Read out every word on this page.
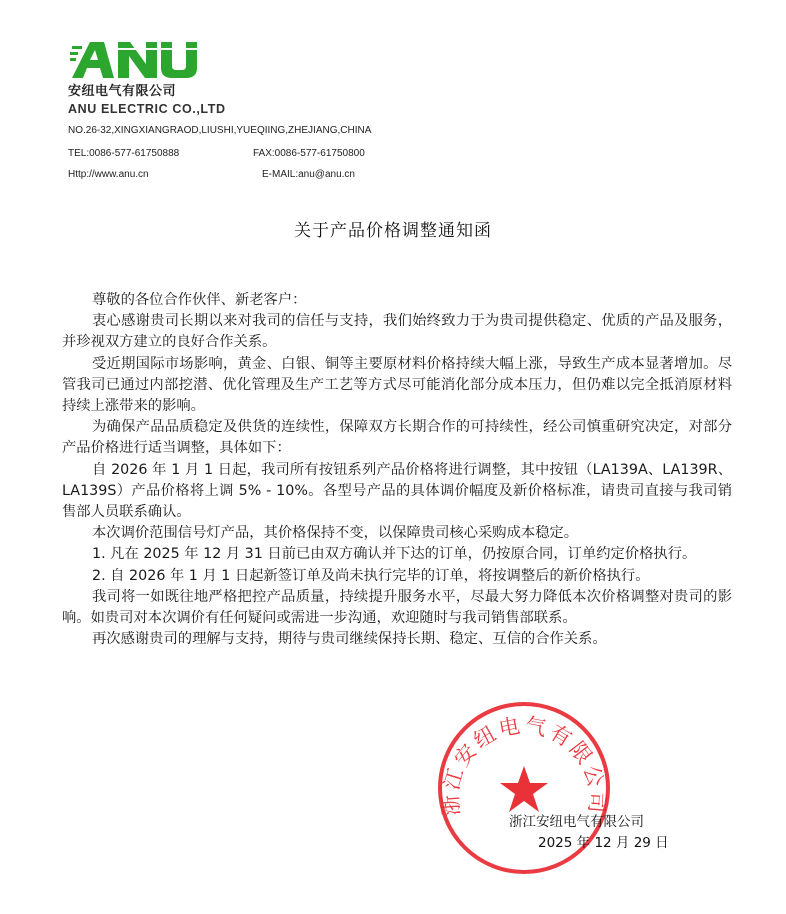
安纽电气有限公司
ANU ELECTRIC CO.,LTD
NO.26-32,XINGXIANGRAOD,LIUSHI,YUEQIING,ZHEJIANG,CHINA
TEL:0086-577-61750888	FAX:0086-577-61750800
Http://www.anu.cn	E-MAIL:anu@anu.cn
关于产品价格调整通知函

尊敬的各位合作伙伴、新老客户：

衷心感谢贵司长期以来对我司的信任与支持，我们始终致力于为贵司提供稳定、优质的产品及服务，并珍视双方建立的良好合作关系。

受近期国际市场影响，黄金、白银、铜等主要原材料价格持续大幅上涨，导致生产成本显著增加。尽管我司已通过内部挖潜、优化管理及生产工艺等方式尽可能消化部分成本压力，但仍难以完全抵消原材料持续上涨带来的影响。

为确保产品品质稳定及供货的连续性，保障双方长期合作的可持续性，经公司慎重研究决定，对部分产品价格进行适当调整，具体如下：

自 2026 年 1 月 1 日起，我司所有按钮系列产品价格将进行调整，其中按钮（LA139A、LA139R、LA139S）产品价格将上调 5% - 10%。各型号产品的具体调价幅度及新价格标准，请贵司直接与我司销售部人员联系确认。

本次调价范围信号灯产品，其价格保持不变，以保障贵司核心采购成本稳定。

1. 凡在 2025 年 12 月 31 日前已由双方确认并下达的订单，仍按原合同，订单约定价格执行。

2. 自 2026 年 1 月 1 日起新签订单及尚未执行完毕的订单，将按调整后的新价格执行。

我司将一如既往地严格把控产品质量，持续提升服务水平，尽最大努力降低本次价格调整对贵司的影响。如贵司对本次调价有任何疑问或需进一步沟通，欢迎随时与我司销售部联系。

再次感谢贵司的理解与支持，期待与贵司继续保持长期、稳定、互信的合作关系。

浙江安纽电气有限公司
浙江安纽电气有限公司
2025 年 12 月 29 日
